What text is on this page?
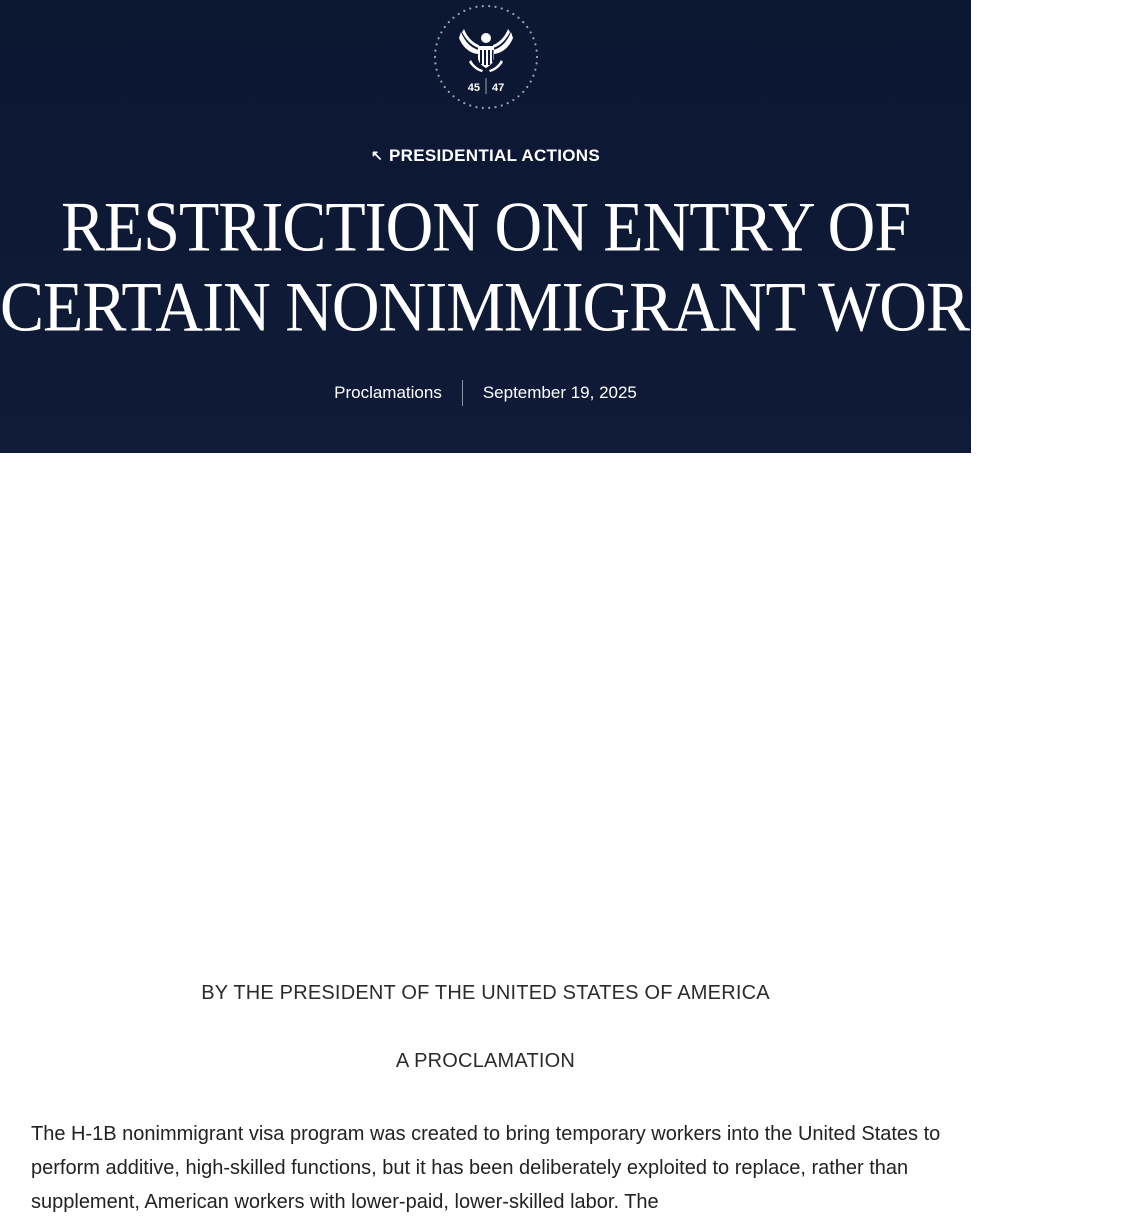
45 47
↖ PRESIDENTIAL ACTIONS
RESTRICTION ON ENTRY OF
CERTAIN NONIMMIGRANT WORKERS
Proclamations	September 19, 2025
BY THE PRESIDENT OF THE UNITED STATES OF AMERICA
A PROCLAMATION

The H-1B nonimmigrant visa program was created to bring temporary workers into the United States to perform additive, high-skilled functions, but it has been deliberately exploited to replace, rather than supplement, American workers with lower-paid, lower-skilled labor. The
